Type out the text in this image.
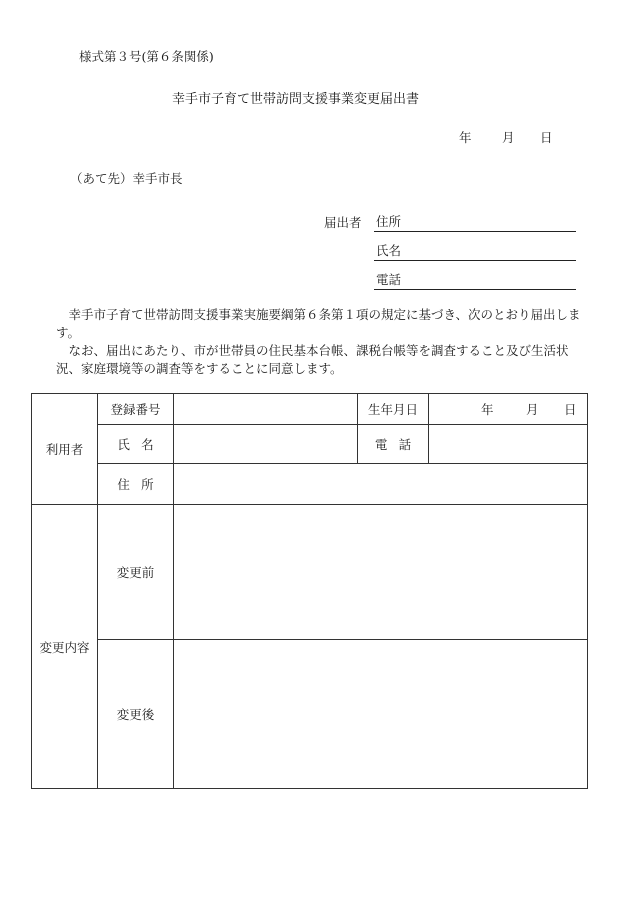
様式第３号(第６条関係)
幸手市子育て世帯訪問支援事業変更届出書
年 月 日
（あて先）幸手市長
届出者 住所
氏名
電話

幸手市子育て世帯訪問支援事業実施要綱第６条第１項の規定に基づき、次のとおり届出します。

なお、届出にあたり、市が世帯員の住民基本台帳、課税台帳等を調査すること及び生活状況、家庭環境等の調査等をすることに同意します。

利用者	登録番号		生年月日	年 月 日

	氏名		電話	
	住所			
変更内容	変更前			
	変更後			
